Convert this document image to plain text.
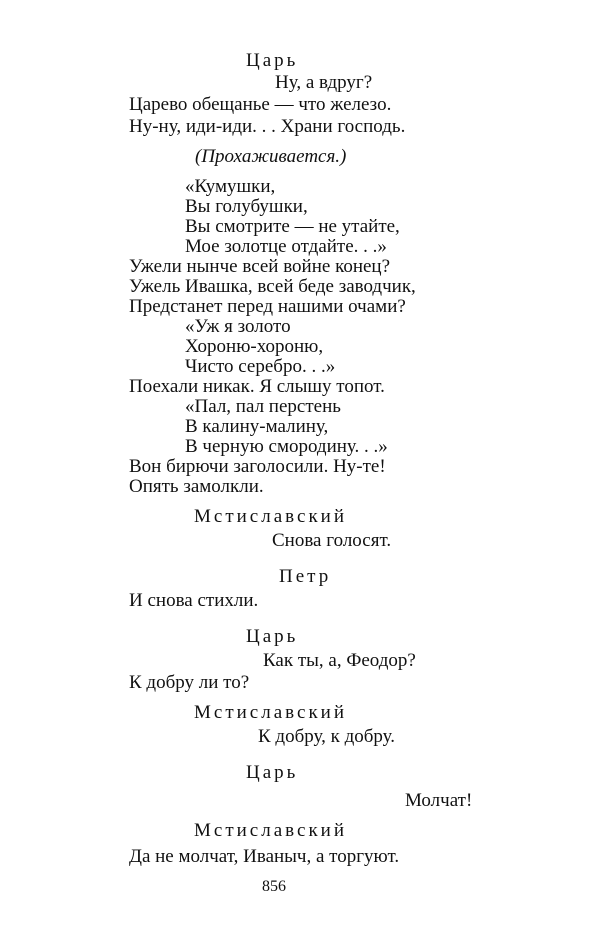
Царь
Ну, а вдруг?
Царево обещанье — что железо.
Ну-ну, иди-иди. . . Храни господь.
(Прохаживается.)
«Кумушки,
Вы голубушки,
Вы смотрите — не утайте,
Мое золотце отдайте. . .»
Ужели нынче всей войне конец?
Ужель Ивашка, всей беде заводчик,
Предстанет перед нашими очами?
«Уж я золото
Хороню-хороню,
Чисто серебро. . .»
Поехали никак. Я слышу топот.
«Пал, пал перстень
В калину-малину,
В черную смородину. . .»
Вон бирючи заголосили. Ну-те!
Опять замолкли.
Мстиславский
Снова голосят.
Петр
И снова стихли.
Царь
Как ты, а, Феодор?
К добру ли то?
Мстиславский
К добру, к добру.
Царь
Молчат!
Мстиславский
Да не молчат, Иваныч, а торгуют.
856
